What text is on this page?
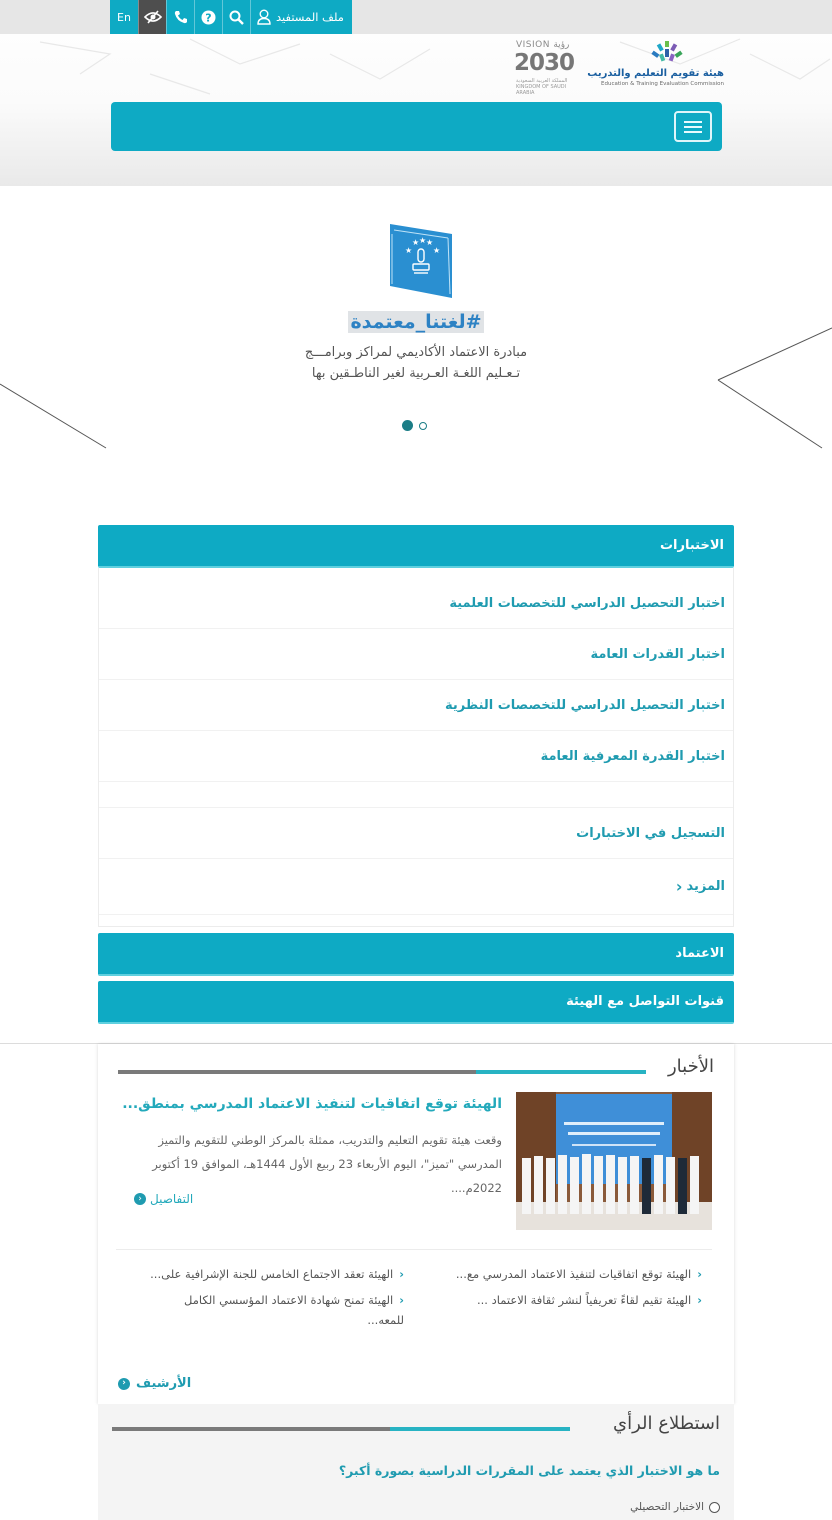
En	?	ملف المستفيد
VISION رؤية
2030
المملكة العربية السعودية KINGDOM OF SAUDI ARABIA
هيئة تقويم التعليم والتدريب
Education & Training Evaluation Commission
★ ★ ★
★	★
#لغتنا_معتمدة
مبادرة الاعتماد الأكاديمي لمراكز وبرامـــج
تـعـليم اللغـة العـربية لغير الناطـقين بها
الاختبارات
اختبار التحصيل الدراسي للتخصصات العلمية
اختبار القدرات العامة
اختبار التحصيل الدراسي للتخصصات النظرية
اختبار القدرة المعرفية العامة
التسجيل في الاختبارات
المزيد
‹
الاعتماد
قنوات التواصل مع الهيئة
الأخبار
الهيئة توقع اتفاقيات لتنفيذ الاعتماد المدرسي بمنطق...
وقعت هيئة تقويم التعليم والتدريب، ممثلة بالمركز الوطني للتقويم والتميز المدرسي "تميز"، اليوم الأربعاء 23 ربيع الأول 1444هـ، الموافق 19 أكتوبر 2022م....
التفاصيل
‹
‹الهيئة توقع اتفاقيات لتنفيذ الاعتماد المدرسي مع...
‹الهيئة تعقد الاجتماع الخامس للجنة الإشرافية على...
‹الهيئة تقيم لقاءً تعريفياً لنشر ثقافة الاعتماد ...
‹الهيئة تمنح شهادة الاعتماد المؤسسي الكامل للمعه...
الأرشيف
‹
استطلاع الرأي
ما هو الاختبار الذي يعتمد على المقررات الدراسية بصورة أكبر؟
الاختبار التحصيلي
